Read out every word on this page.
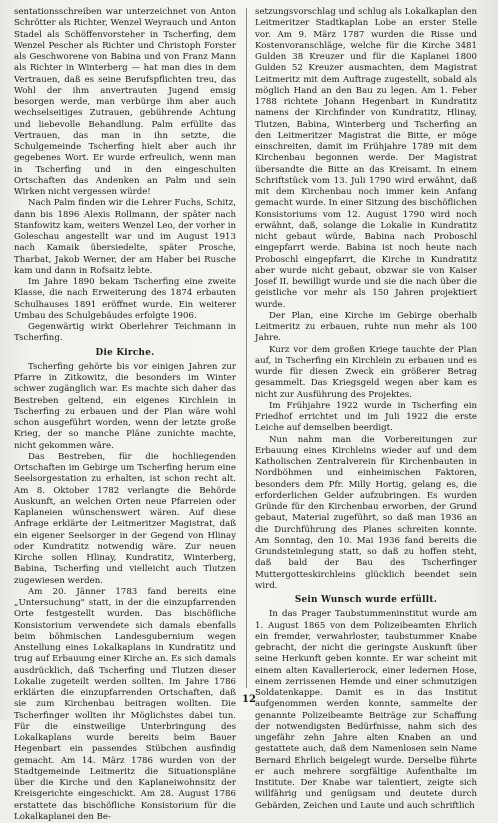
sentationsschreiben war unterzeichnet von Anton Schrötter als Richter, Wenzel Weyrauch und Anton Stadel als Schöffenvorsteher in Tscherfing, dem Wenzel Pescher als Richter und Christoph Forster als Geschworene von Babina und von Franz Mann als Richter in Winterberg — hat man dies in dem Vertrauen, daß es seine Berufspflichten treu, das Wohl der ihm anvertrauten Jugend emsig besorgen werde, man verbürge ihm aber auch wechselseitiges Zutrauen, gebührende Achtung und liebevolle Behandlung. Palm erfüllte das Vertrauen, das man in ihn setzte, die Schulgemeinde Tscherfing hielt aber auch ihr gegebenes Wort. Er wurde erfreulich, wenn man in Tscherfing und in den eingeschulten Ortschaften das Andenken an Palm und sein Wirken nicht vergessen würde!

Nach Palm finden wir die Lehrer Fuchs, Schitz, dann bis 1896 Alexis Rollmann, der später nach Stanfowitz kam, weiters Wenzel Leo, der vorher in Goleschau angestellt war und im August 1913 nach Kamaik übersiedelte, später Prosche, Tharbat, Jakob Werner, der am Haber bei Rusche kam und dann in Rofsaitz lebte.

Im Jahre 1890 bekam Tscherfing eine zweite Klasse, die nach Erweiterung des 1874 erbauten Schulhauses 1891 eröffnet wurde. Ein weiterer Umbau des Schulgebäudes erfolgte 1906.

Gegenwärtig wirkt Oberlehrer Teichmann in Tscherfing.

Die Kirche.

Tscherfing gehörte bis vor einigen Jahren zur Pfarre in Zitkowitz, die besonders im Winter schwer zugänglich war. Es machte sich daher das Bestreben geltend, ein eigenes Kirchlein in Tscherfing zu erbauen und der Plan wäre wohl schon ausgeführt worden, wenn der letzte große Krieg, der so manche Pläne zunichte machte, nicht gekommen wäre.

Das Bestreben, für die hochliegenden Ortschaften im Gebirge um Tscherfing herum eine Seelsorgestation zu erhalten, ist schon recht alt. Am 8. Oktober 1782 verlangte die Behörde Auskunft, an welchen Orten neue Pfarreien oder Kaplaneien wünschenswert wären. Auf diese Anfrage erklärte der Leitmeritzer Magistrat, daß ein eigener Seelsorger in der Gegend von Hlinay oder Kundratitz notwendig wäre. Zur neuen Kirche sollen Hlinay, Kundratitz, Winterberg, Babina, Tscherfing und vielleicht auch Tlutzen zugewiesen werden.

Am 20. Jänner 1783 fand bereits eine „Untersuchung" statt, in der die einzupfarrenden Orte festgestellt wurden. Das bischöfliche Konsistorium verwendete sich damals ebenfalls beim böhmischen Landesgubernium wegen Anstellung eines Lokalkaplans in Kundratitz und trug auf Erbauung einer Kirche an. Es sich damals ausdrücklich, daß Tscherfing und Tlutzen dieser Lokalie zugeteilt werden sollten. Im Jahre 1786 erklärten die einzupfarrenden Ortschaften, daß sie zum Kirchenbau beitragen wollten. Die Tscherfinger wollten ihr Möglichstes dabei tun. Für die einstweilige Unterbringung des Lokalkaplans wurde bereits beim Bauer Hegenbart ein passendes Stübchen ausfindig gemacht. Am 14. März 1786 wurden von der Stadtgemeinde Leitmeritz die Situationspläne über die Kirche und den Kaplaneiwohnsitz der Kreisgerichte eingeschickt. Am 28. August 1786 erstattete das bischöfliche Konsistorium für die Lokalkaplanei den Be-

setzungsvorschlag und schlug als Lokalkaplan den Leitmeritzer Stadtkaplan Lobe an erster Stelle vor. Am 9. März 1787 wurden die Risse und Kostenvoranschläge, welche für die Kirche 3481 Gulden 38 Kreuzer und für die Kaplanei 1800 Gulden 52 Kreuzer ausmachten, dem Magistrat Leitmeritz mit dem Auftrage zugestellt, sobald als möglich Hand an den Bau zu legen. Am 1. Feber 1788 richtete Johann Hegenbart in Kundratitz namens der Kirchfinder von Kundratitz, Hlinay, Tlutzen, Babina, Winterberg und Tscherfing an den Leitmeritzer Magistrat die Bitte, er möge einschreiten, damit im Frühjahre 1789 mit dem Kirchenbau begonnen werde. Der Magistrat übersandte die Bitte an das Kreisamt. In einem Schriftstück vom 13. Juli 1790 wird erwähnt, daß mit dem Kirchenbau noch immer kein Anfang gemacht wurde. In einer Sitzung des bischöflichen Konsistoriums vom 12. August 1790 wird noch erwähnt, daß, solange die Lokalie in Kundratitz nicht gebaut würde, Babina nach Proboschl eingepfarrt werde. Babina ist noch heute nach Proboschl eingepfarrt, die Kirche in Kundratitz aber wurde nicht gebaut, obzwar sie von Kaiser Josef II. bewilligt wurde und sie die nach über die geistliche vor mehr als 150 Jahren projektiert wurde.

Der Plan, eine Kirche im Gebirge oberhalb Leitmeritz zu erbauen, ruhte nun mehr als 100 Jahre.

Kurz vor dem großen Kriege tauchte der Plan auf, in Tscherfing ein Kirchlein zu erbauen und es wurde für diesen Zweck ein größerer Betrag gesammelt. Das Kriegsgeld wegen aber kam es nicht zur Ausführung des Projektes.

Im Frühjahre 1922 wurde in Tscherfing ein Friedhof errichtet und im Juli 1922 die erste Leiche auf demselben beerdigt.

Nun nahm man die Vorbereitungen zur Erbauung eines Kirchleins wieder auf und dem Katholischen Zentralverein für Kirchenbauten in Nordböhmen und einheimischen Faktoren, besonders dem Pfr. Milly Hortig, gelang es, die erforderlichen Gelder aufzubringen. Es wurden Gründe für den Kirchenbau erworben, der Grund gebaut, Material zugeführt, so daß man 1936 an die Durchführung des Planes schreiten konnte. Am Sonntag, den 10. Mai 1936 fand bereits die Grundsteinlegung statt, so daß zu hoffen steht, daß bald der Bau des Tscherfinger Muttergotteskirchleins glücklich beendet sein wird.

Sein Wunsch wurde erfüllt.

In das Prager Taubstummeninstitut wurde am 1. August 1865 von dem Polizeibeamten Ehrlich ein fremder, verwahrloster, taubstummer Knabe gebracht, der nicht die geringste Auskunft über seine Herkunft geben konnte. Er war scheint mit einem alten Kavallerierock, einer ledernen Hose, einem zerrissenen Hemde und einer schmutzigen Soldatenkappe. Damit es in das Institut aufgenommen werden konnte, sammelte der genannte Polizeibeamte Beiträge zur Schaffung der notwendigsten Bedürfnisse, nahm sich des ungefähr zehn Jahre alten Knaben an und gestattete auch, daß dem Namenlosen sein Name Bernard Ehrlich beigelegt wurde. Derselbe führte er auch mehrere sorgfältige Aufenthalte im Institute. Der Knabe war talentiert, zeigte sich willfährig und genügsam und deutete durch Gebärden, Zeichen und Laute und auch schriftlich

12
